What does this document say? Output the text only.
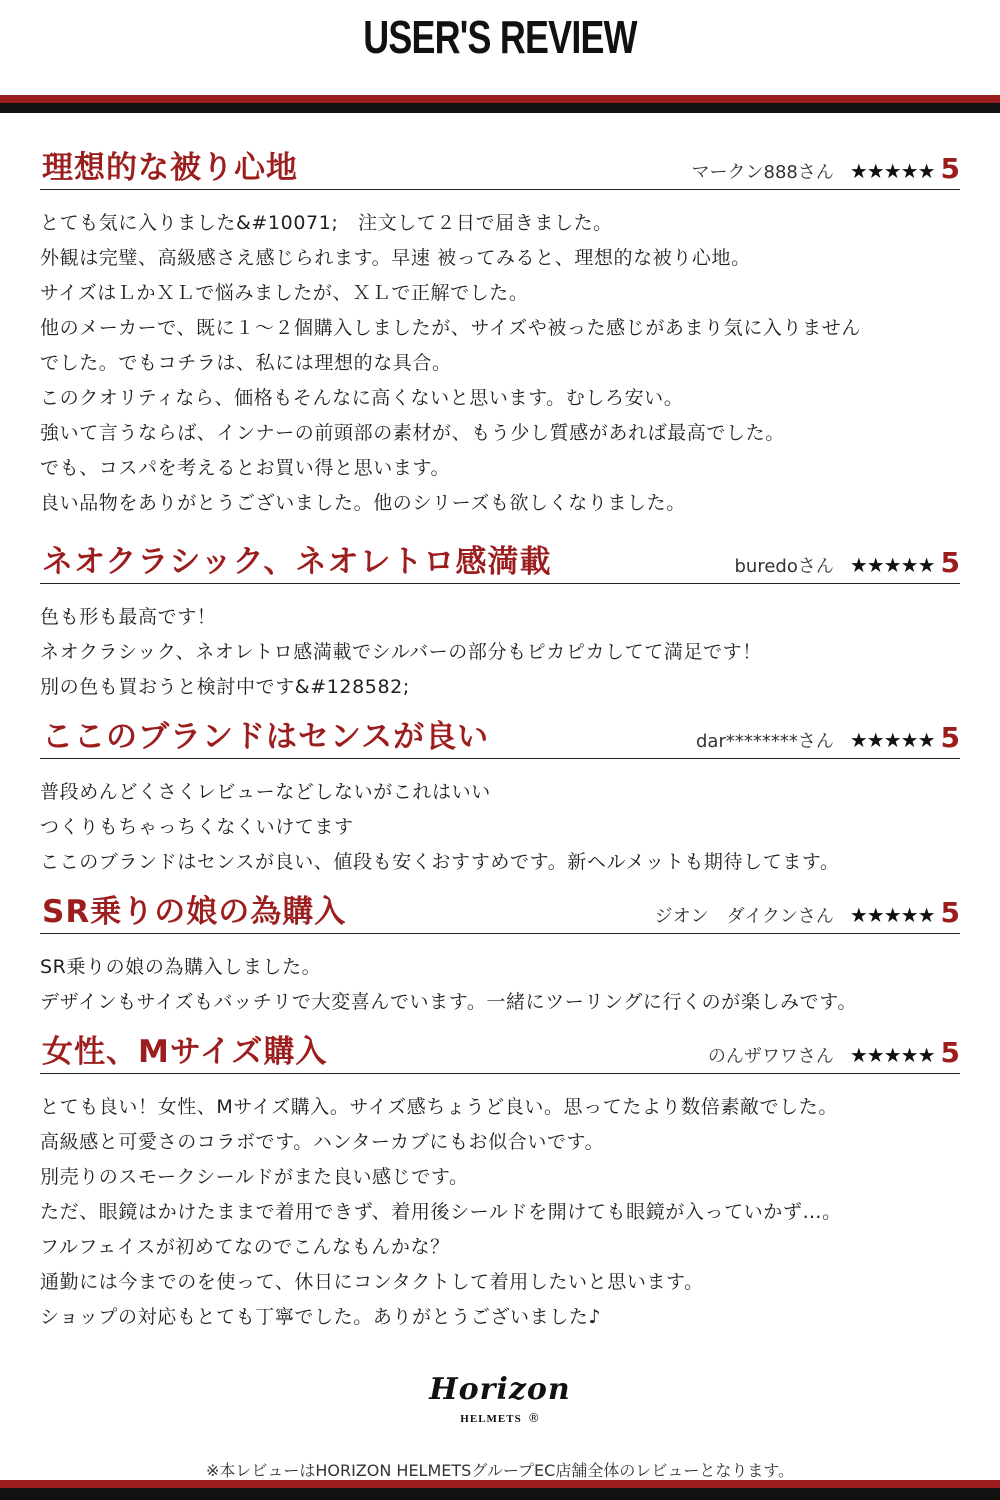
USER'S REVIEW
理想的な被り心地	マークン888さん ★★★★★ 5
とても気に入りました&#10071;　注文して２日で届きました。
外観は完璧、高級感さえ感じられます。早速 被ってみると、理想的な被り心地。
サイズはＬかＸＬで悩みましたが、ＸＬで正解でした。
他のメーカーで、既に１〜２個購入しましたが、サイズや被った感じがあまり気に入りません
でした。でもコチラは、私には理想的な具合。
このクオリティなら、価格もそんなに高くないと思います。むしろ安い。
強いて言うならば、インナーの前頭部の素材が、もう少し質感があれば最高でした。
でも、コスパを考えるとお買い得と思います。
良い品物をありがとうございました。他のシリーズも欲しくなりました。
ネオクラシック、ネオレトロ感満載	buredoさん ★★★★★ 5
色も形も最高です！
ネオクラシック、ネオレトロ感満載でシルバーの部分もピカピカしてて満足です！
別の色も買おうと検討中です&#128582;
ここのブランドはセンスが良い	dar********さん ★★★★★ 5
普段めんどくさくレビューなどしないがこれはいい
つくりもちゃっちくなくいけてます
ここのブランドはセンスが良い、値段も安くおすすめです。新ヘルメットも期待してます。
SR乗りの娘の為購入	ジオン　ダイクンさん ★★★★★ 5
SR乗りの娘の為購入しました。
デザインもサイズもバッチリで大変喜んでいます。一緒にツーリングに行くのが楽しみです。
女性、Mサイズ購入	のんザワワさん ★★★★★ 5
とても良い！女性、Mサイズ購入。サイズ感ちょうど良い。思ってたより数倍素敵でした。
高級感と可愛さのコラボです。ハンターカブにもお似合いです。
別売りのスモークシールドがまた良い感じです。
ただ、眼鏡はかけたままで着用できず、着用後シールドを開けても眼鏡が入っていかず…。
フルフェイスが初めてなのでこんなもんかな？
通勤には今までのを使って、休日にコンタクトして着用したいと思います。
ショップの対応もとても丁寧でした。ありがとうございました♪
Horizon
HELMETS ®
※本レビューはHORIZON HELMETSグループEC店舗全体のレビューとなります。
